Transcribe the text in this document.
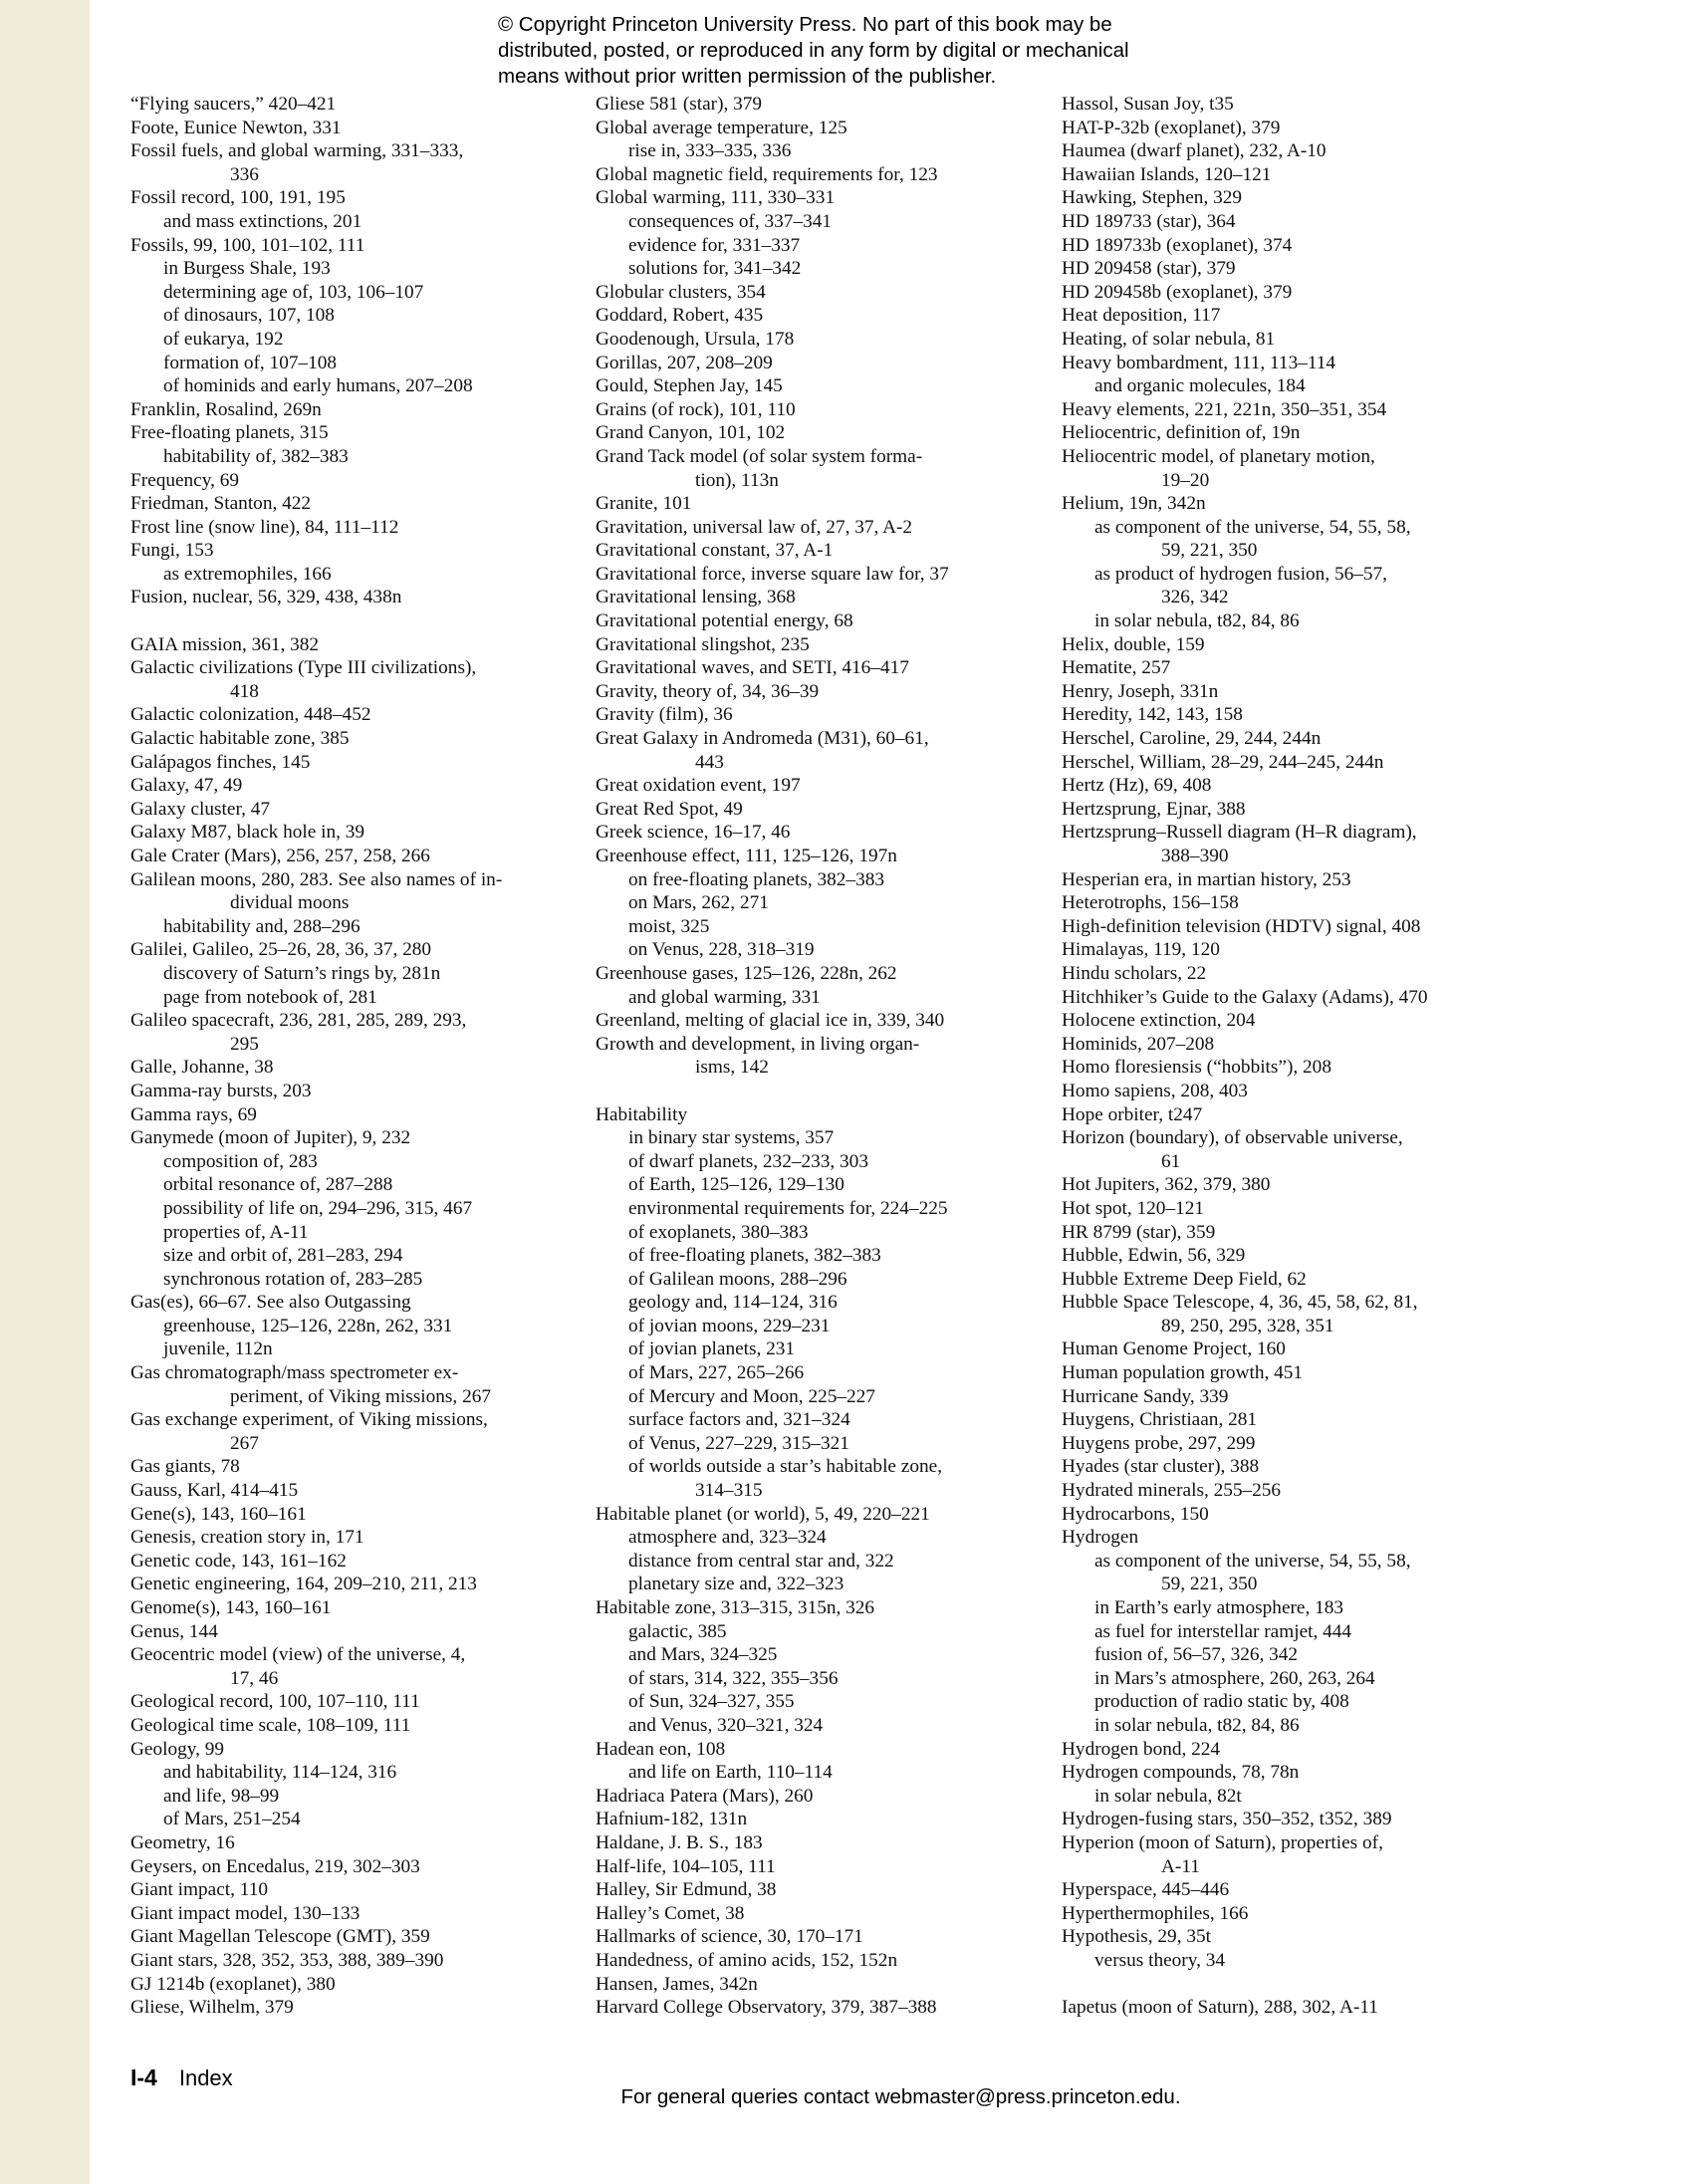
© Copyright Princeton University Press. No part of this book may be
distributed, posted, or reproduced in any form by digital or mechanical
means without prior written permission of the publisher.
“Flying saucers,” 420–421
Foote, Eunice Newton, 331
Fossil fuels, and global warming, 331–333,
336
Fossil record, 100, 191, 195
and mass extinctions, 201
Fossils, 99, 100, 101–102, 111
in Burgess Shale, 193
determining age of, 103, 106–107
of dinosaurs, 107, 108
of eukarya, 192
formation of, 107–108
of hominids and early humans, 207–208
Franklin, Rosalind, 269n
Free-floating planets, 315
habitability of, 382–383
Frequency, 69
Friedman, Stanton, 422
Frost line (snow line), 84, 111–112
Fungi, 153
as extremophiles, 166
Fusion, nuclear, 56, 329, 438, 438n
GAIA mission, 361, 382
Galactic civilizations (Type III civilizations),
418
Galactic colonization, 448–452
Galactic habitable zone, 385
Galápagos finches, 145
Galaxy, 47, 49
Galaxy cluster, 47
Galaxy M87, black hole in, 39
Gale Crater (Mars), 256, 257, 258, 266
Galilean moons, 280, 283. See also names of in-
dividual moons
habitability and, 288–296
Galilei, Galileo, 25–26, 28, 36, 37, 280
discovery of Saturn’s rings by, 281n
page from notebook of, 281
Galileo spacecraft, 236, 281, 285, 289, 293,
295
Galle, Johanne, 38
Gamma-ray bursts, 203
Gamma rays, 69
Ganymede (moon of Jupiter), 9, 232
composition of, 283
orbital resonance of, 287–288
possibility of life on, 294–296, 315, 467
properties of, A-11
size and orbit of, 281–283, 294
synchronous rotation of, 283–285
Gas(es), 66–67. See also Outgassing
greenhouse, 125–126, 228n, 262, 331
juvenile, 112n
Gas chromatograph/mass spectrometer ex-
periment, of Viking missions, 267
Gas exchange experiment, of Viking missions,
267
Gas giants, 78
Gauss, Karl, 414–415
Gene(s), 143, 160–161
Genesis, creation story in, 171
Genetic code, 143, 161–162
Genetic engineering, 164, 209–210, 211, 213
Genome(s), 143, 160–161
Genus, 144
Geocentric model (view) of the universe, 4,
17, 46
Geological record, 100, 107–110, 111
Geological time scale, 108–109, 111
Geology, 99
and habitability, 114–124, 316
and life, 98–99
of Mars, 251–254
Geometry, 16
Geysers, on Encedalus, 219, 302–303
Giant impact, 110
Giant impact model, 130–133
Giant Magellan Telescope (GMT), 359
Giant stars, 328, 352, 353, 388, 389–390
GJ 1214b (exoplanet), 380
Gliese, Wilhelm, 379
Gliese 581 (star), 379
Global average temperature, 125
rise in, 333–335, 336
Global magnetic field, requirements for, 123
Global warming, 111, 330–331
consequences of, 337–341
evidence for, 331–337
solutions for, 341–342
Globular clusters, 354
Goddard, Robert, 435
Goodenough, Ursula, 178
Gorillas, 207, 208–209
Gould, Stephen Jay, 145
Grains (of rock), 101, 110
Grand Canyon, 101, 102
Grand Tack model (of solar system forma-
tion), 113n
Granite, 101
Gravitation, universal law of, 27, 37, A-2
Gravitational constant, 37, A-1
Gravitational force, inverse square law for, 37
Gravitational lensing, 368
Gravitational potential energy, 68
Gravitational slingshot, 235
Gravitational waves, and SETI, 416–417
Gravity, theory of, 34, 36–39
Gravity (film), 36
Great Galaxy in Andromeda (M31), 60–61,
443
Great oxidation event, 197
Great Red Spot, 49
Greek science, 16–17, 46
Greenhouse effect, 111, 125–126, 197n
on free-floating planets, 382–383
on Mars, 262, 271
moist, 325
on Venus, 228, 318–319
Greenhouse gases, 125–126, 228n, 262
and global warming, 331
Greenland, melting of glacial ice in, 339, 340
Growth and development, in living organ-
isms, 142
Habitability
in binary star systems, 357
of dwarf planets, 232–233, 303
of Earth, 125–126, 129–130
environmental requirements for, 224–225
of exoplanets, 380–383
of free-floating planets, 382–383
of Galilean moons, 288–296
geology and, 114–124, 316
of jovian moons, 229–231
of jovian planets, 231
of Mars, 227, 265–266
of Mercury and Moon, 225–227
surface factors and, 321–324
of Venus, 227–229, 315–321
of worlds outside a star’s habitable zone,
314–315
Habitable planet (or world), 5, 49, 220–221
atmosphere and, 323–324
distance from central star and, 322
planetary size and, 322–323
Habitable zone, 313–315, 315n, 326
galactic, 385
and Mars, 324–325
of stars, 314, 322, 355–356
of Sun, 324–327, 355
and Venus, 320–321, 324
Hadean eon, 108
and life on Earth, 110–114
Hadriaca Patera (Mars), 260
Hafnium-182, 131n
Haldane, J. B. S., 183
Half-life, 104–105, 111
Halley, Sir Edmund, 38
Halley’s Comet, 38
Hallmarks of science, 30, 170–171
Handedness, of amino acids, 152, 152n
Hansen, James, 342n
Harvard College Observatory, 379, 387–388
Hassol, Susan Joy, t35
HAT-P-32b (exoplanet), 379
Haumea (dwarf planet), 232, A-10
Hawaiian Islands, 120–121
Hawking, Stephen, 329
HD 189733 (star), 364
HD 189733b (exoplanet), 374
HD 209458 (star), 379
HD 209458b (exoplanet), 379
Heat deposition, 117
Heating, of solar nebula, 81
Heavy bombardment, 111, 113–114
and organic molecules, 184
Heavy elements, 221, 221n, 350–351, 354
Heliocentric, definition of, 19n
Heliocentric model, of planetary motion,
19–20
Helium, 19n, 342n
as component of the universe, 54, 55, 58,
59, 221, 350
as product of hydrogen fusion, 56–57,
326, 342
in solar nebula, t82, 84, 86
Helix, double, 159
Hematite, 257
Henry, Joseph, 331n
Heredity, 142, 143, 158
Herschel, Caroline, 29, 244, 244n
Herschel, William, 28–29, 244–245, 244n
Hertz (Hz), 69, 408
Hertzsprung, Ejnar, 388
Hertzsprung–Russell diagram (H–R diagram),
388–390
Hesperian era, in martian history, 253
Heterotrophs, 156–158
High-definition television (HDTV) signal, 408
Himalayas, 119, 120
Hindu scholars, 22
Hitchhiker’s Guide to the Galaxy (Adams), 470
Holocene extinction, 204
Hominids, 207–208
Homo floresiensis (“hobbits”), 208
Homo sapiens, 208, 403
Hope orbiter, t247
Horizon (boundary), of observable universe,
61
Hot Jupiters, 362, 379, 380
Hot spot, 120–121
HR 8799 (star), 359
Hubble, Edwin, 56, 329
Hubble Extreme Deep Field, 62
Hubble Space Telescope, 4, 36, 45, 58, 62, 81,
89, 250, 295, 328, 351
Human Genome Project, 160
Human population growth, 451
Hurricane Sandy, 339
Huygens, Christiaan, 281
Huygens probe, 297, 299
Hyades (star cluster), 388
Hydrated minerals, 255–256
Hydrocarbons, 150
Hydrogen
as component of the universe, 54, 55, 58,
59, 221, 350
in Earth’s early atmosphere, 183
as fuel for interstellar ramjet, 444
fusion of, 56–57, 326, 342
in Mars’s atmosphere, 260, 263, 264
production of radio static by, 408
in solar nebula, t82, 84, 86
Hydrogen bond, 224
Hydrogen compounds, 78, 78n
in solar nebula, 82t
Hydrogen-fusing stars, 350–352, t352, 389
Hyperion (moon of Saturn), properties of,
A-11
Hyperspace, 445–446
Hyperthermophiles, 166
Hypothesis, 29, 35t
versus theory, 34
Iapetus (moon of Saturn), 288, 302, A-11
I-4 Index
For general queries contact webmaster@press.princeton.edu.
